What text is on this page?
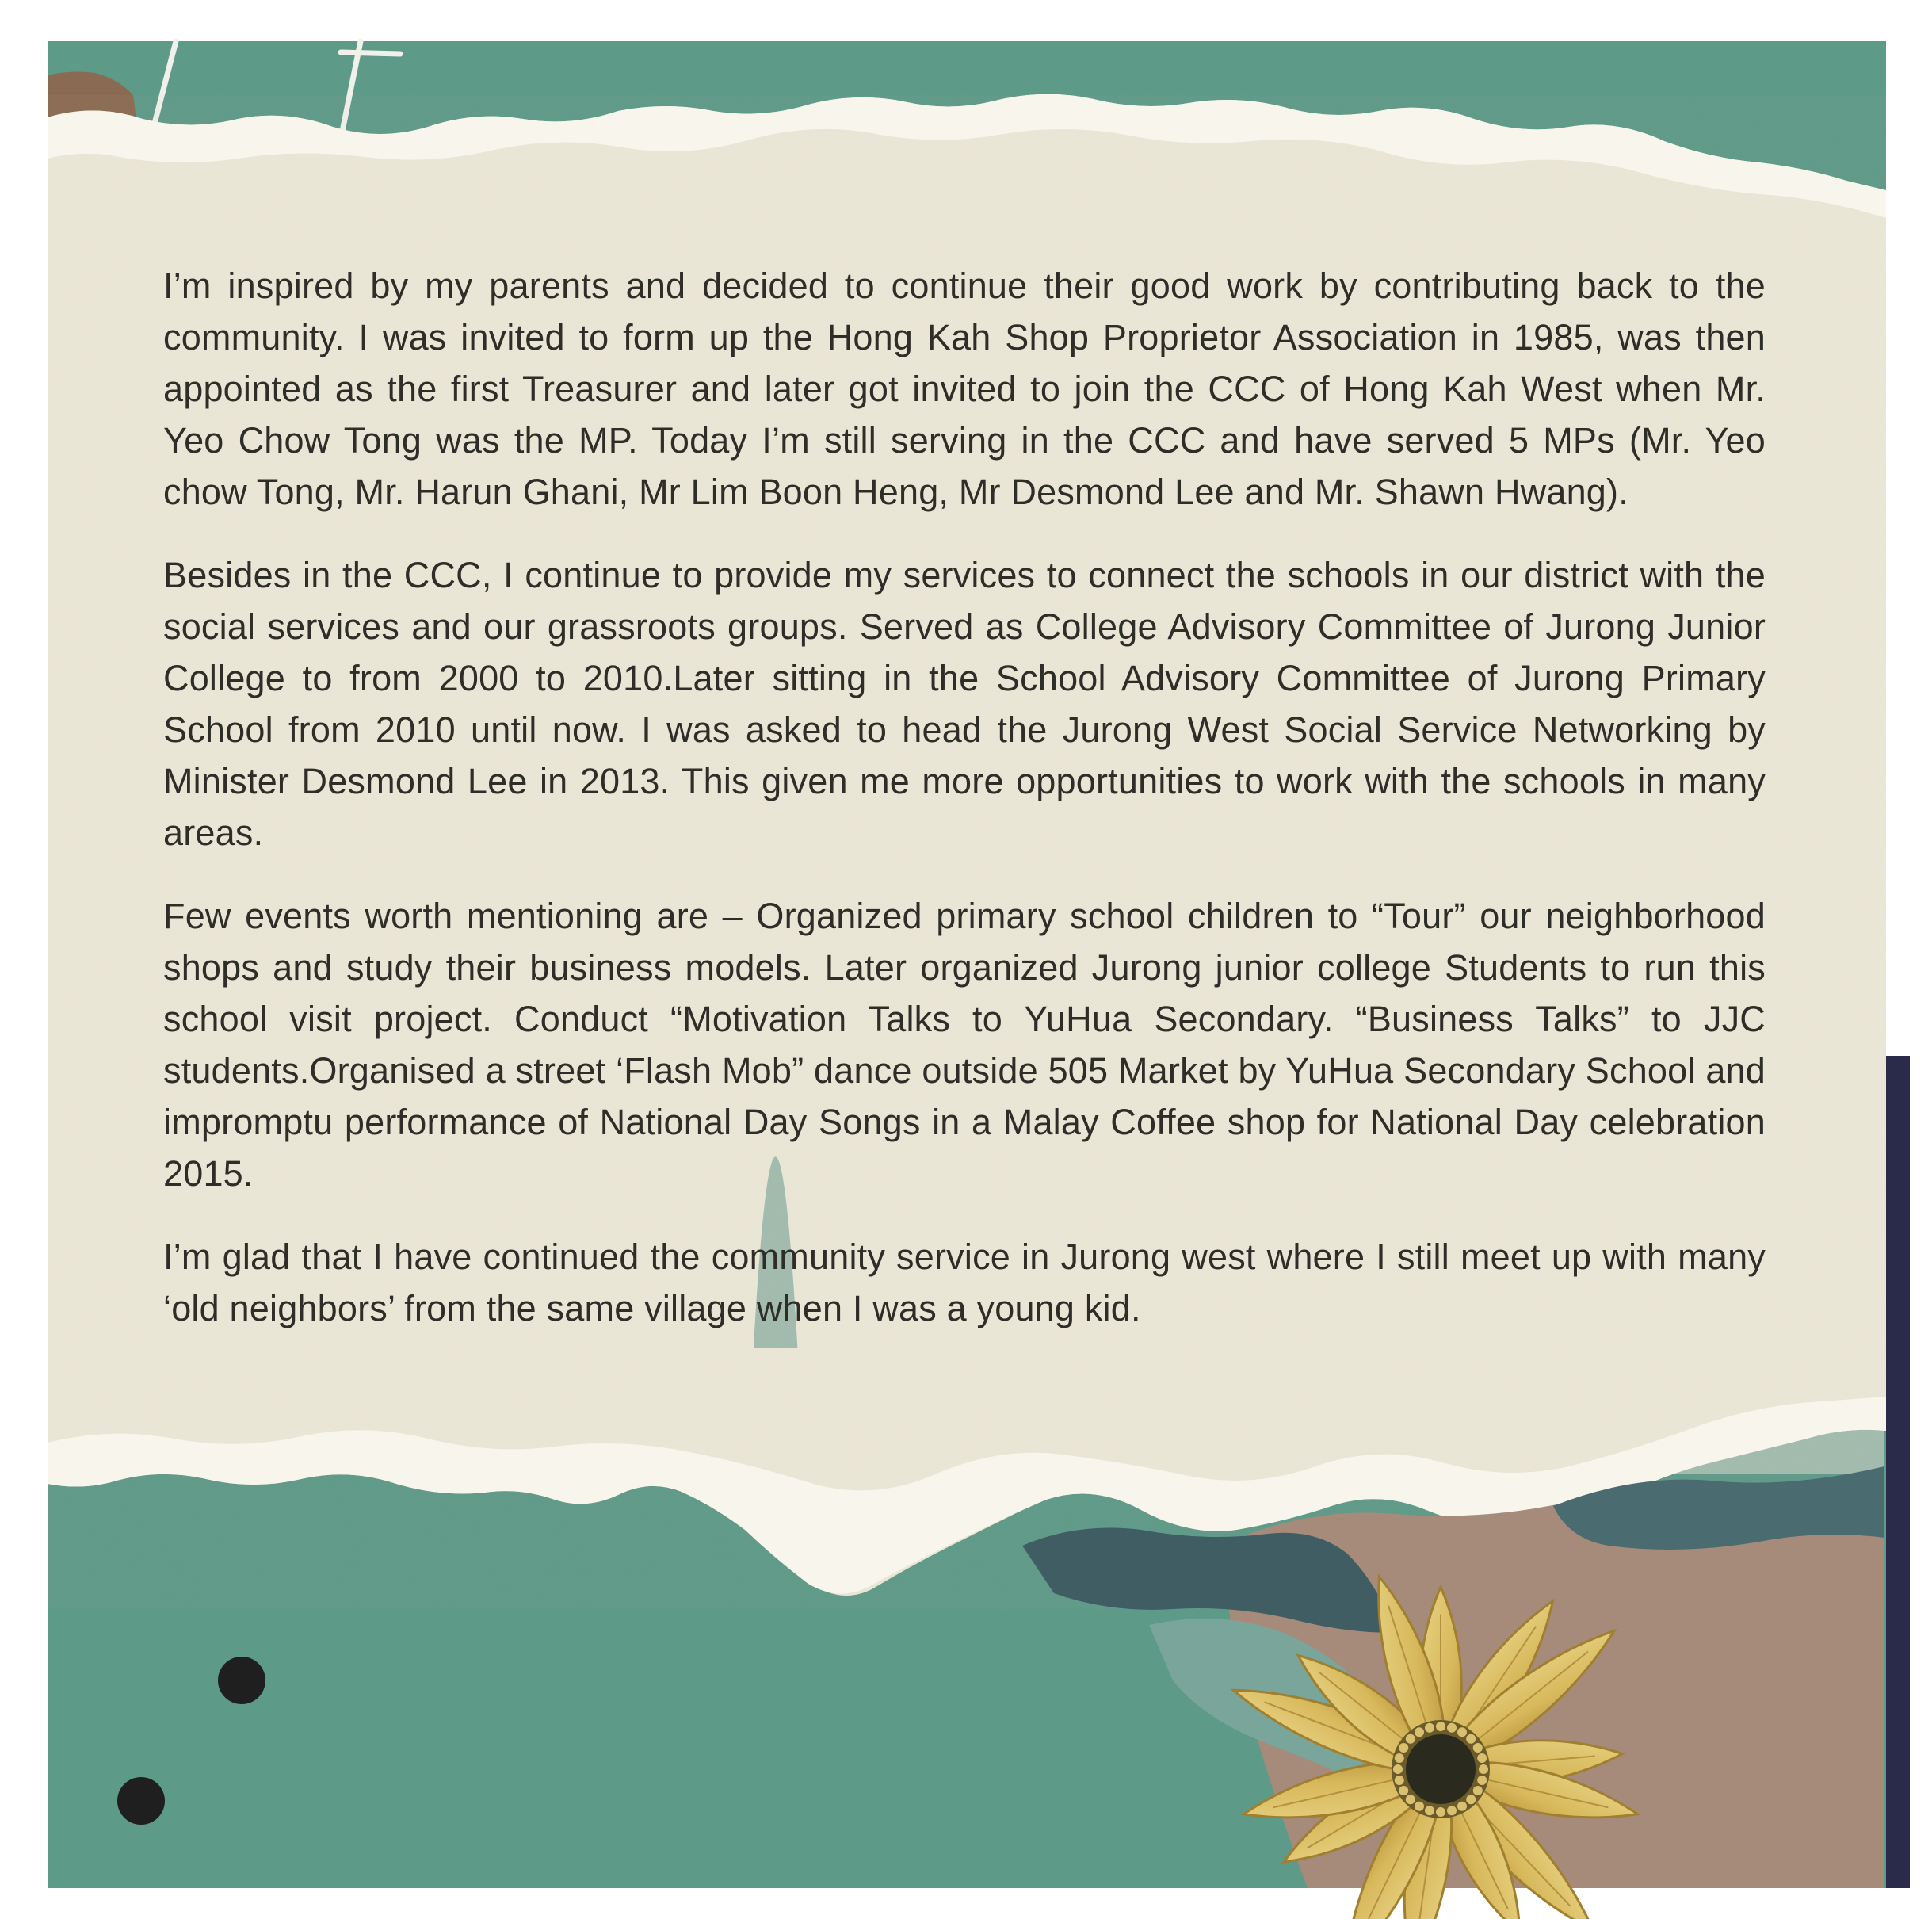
I’m inspired by my parents and decided to continue their good work by contributing back to the community. I was invited to form up the Hong Kah Shop Proprietor Association in 1985, was then appointed as the first Treasurer and later got invited to join the CCC of Hong Kah West when Mr. Yeo Chow Tong was the MP. Today I’m still serving in the CCC and have served 5 MPs (Mr. Yeo chow Tong, Mr. Harun Ghani, Mr Lim Boon Heng, Mr Desmond Lee and Mr. Shawn Hwang).

Besides in the CCC, I continue to provide my services to connect the schools in our district with the social services and our grassroots groups. Served as College Advisory Committee of Jurong Junior College to from 2000 to 2010.Later sitting in the School Advisory Committee of Jurong Primary School from 2010 until now. I was asked to head the Jurong West Social Service Networking by Minister Desmond Lee in 2013. This given me more opportunities to work with the schools in many areas.

Few events worth mentioning are – Organized primary school children to “Tour” our neighborhood shops and study their business models. Later organized Jurong junior college Students to run this school visit project. Conduct “Motivation Talks to YuHua Secondary. “Business Talks” to JJC students.Organised a street ‘Flash Mob” dance outside 505 Market by YuHua Secondary School and impromptu performance of National Day Songs in a Malay Coffee shop for National Day celebration 2015.

I’m glad that I have continued the community service in Jurong west where I still meet up with many ‘old neighbors’ from the same village when I was a young kid.
